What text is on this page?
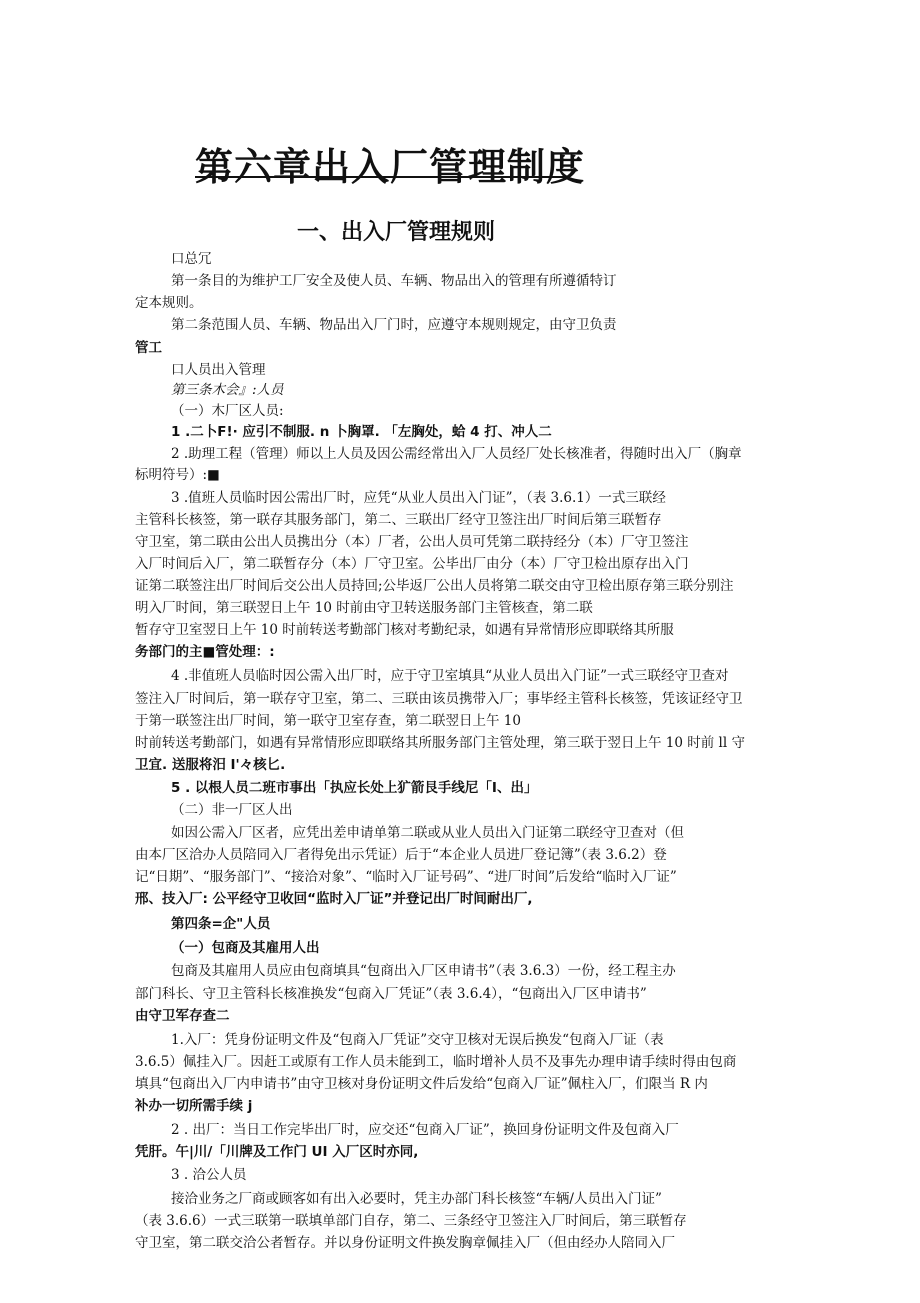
第六章出入厂管理制度
一、出入厂管理规则
口总冗
第一条目的为维护工厂安全及使人员、车辆、物品出入的管理有所遵循特订
定本规则。
第二条范围人员、车辆、物品出入厂门时，应遵守本规则规定，由守卫负责
管工
口人员出入管理
第三条木会』:人员
（一）木厂区人员:
1 .二卜F!· 应引不制服. n 卜胸罩. 「左胸处，蛤 4 打、冲人二
2 .助理工程（管理）师以上人员及因公需经常出入厂人员经厂处长核准者，得随时出入厂（胸章
标明符号）:■
3 .值班人员临时因公需出厂时，应凭“从业人员出入门证”，（表 3.6.1）一式三联经
主管科长核签，第一联存其服务部门，第二、三联出厂经守卫签注出厂时间后第三联暂存
守卫室，第二联由公出人员携出分（本）厂者，公出人员可凭第二联持经分（本）厂守卫签注
入厂时间后入厂，第二联暂存分（本）厂守卫室。公毕出厂由分（本）厂守卫检出原存出入门
证第二联签注出厂时间后交公出人员持回;公毕返厂公出人员将第二联交由守卫检出原存第三联分别注
明入厂时间，第三联翌日上午 10 时前由守卫转送服务部门主管核查，第二联
暂存守卫室翌日上午 10 时前转送考勤部门核对考勤纪录，如遇有异常情形应即联络其所服
务部门的主■管处理：:
4 .非值班人员临时因公需入出厂时，应于守卫室填具“从业人员出入门证”一式三联经守卫查对
签注入厂时间后，第一联存守卫室，第二、三联由该员携带入厂；事毕经主管科长核签，凭该证经守卫
于第一联签注出厂时间，第一联守卫室存查，第二联翌日上午 10
时前转送考勤部门，如遇有异常情形应即联络其所服务部门主管处理，第三联于翌日上午 10 时前 ll 守
卫宜. 送服将汨 I'々核匕.
5 . 以根人员二班市事出「执应长处上犷箭艮手线尼「I、出」
（二）非一厂区人出
如因公需入厂区者，应凭出差申请单第二联或从业人员出入门证第二联经守卫查对（但
由本厂区洽办人员陪同入厂者得免出示凭证）后于“本企业人员进厂登记簿”（表 3.6.2）登
记“日期”、“服务部门”、“接洽对象”、“临时入厂证号码”、“进厂时间”后发给“临时入厂证”
邢、技入厂: 公平经守卫收回“监时入厂证”并登记出厂时间耐出厂,
第四条=企"人员
（一）包商及其雇用人出
包商及其雇用人员应由包商填具“包商出入厂区申请书”（表 3.6.3）一份，经工程主办
部门科长、守卫主管科长核准换发“包商入厂凭证”（表 3.6.4），“包商出入厂区申请书”
由守卫军存查二
1.入厂：凭身份证明文件及“包商入厂凭证”交守卫核对无误后换发“包商入厂证（表
3.6.5）佩挂入厂。因赶工或原有工作人员未能到工，临时增补人员不及事先办理申请手续时得由包商
填具“包商出入厂内申请书”由守卫核对身份证明文件后发给“包商入厂证”佩柱入厂，们限当 R 内
补办一切所需手续 j
2 . 出厂：当日工作完毕出厂时，应交还“包商入厂证”，换回身份证明文件及包商入厂
凭肝。午|川/「川牌及工作门 UI 入厂区时亦同,
3 . 洽公人员
接洽业务之厂商或顾客如有出入必要时，凭主办部门科长核签“车辆/人员出入门证”
（表 3.6.6）一式三联第一联填单部门自存，第二、三条经守卫签注入厂时间后，第三联暂存
守卫室，第二联交洽公者暂存。并以身份证明文件换发胸章佩挂入厂（但由经办人陪同入厂
